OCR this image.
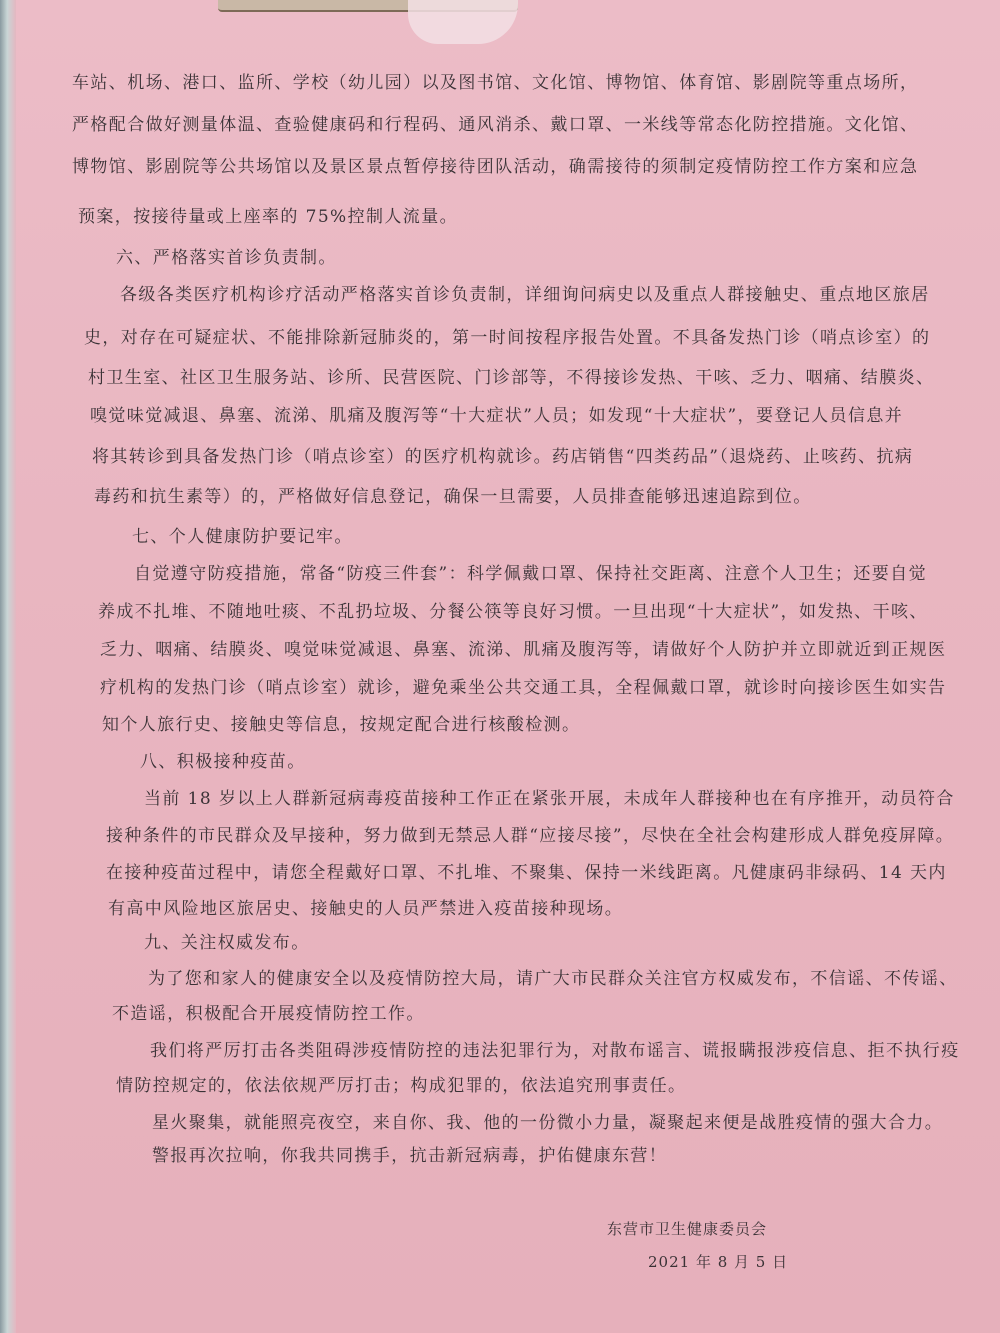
车站、机场、港口、监所、学校（幼儿园）以及图书馆、文化馆、博物馆、体育馆、影剧院等重点场所，
严格配合做好测量体温、查验健康码和行程码、通风消杀、戴口罩、一米线等常态化防控措施。文化馆、
博物馆、影剧院等公共场馆以及景区景点暂停接待团队活动，确需接待的须制定疫情防控工作方案和应急
预案，按接待量或上座率的 75%控制人流量。
六、严格落实首诊负责制。
各级各类医疗机构诊疗活动严格落实首诊负责制，详细询问病史以及重点人群接触史、重点地区旅居
史，对存在可疑症状、不能排除新冠肺炎的，第一时间按程序报告处置。不具备发热门诊（哨点诊室）的
村卫生室、社区卫生服务站、诊所、民营医院、门诊部等，不得接诊发热、干咳、乏力、咽痛、结膜炎、
嗅觉味觉减退、鼻塞、流涕、肌痛及腹泻等“十大症状”人员；如发现“十大症状”，要登记人员信息并
将其转诊到具备发热门诊（哨点诊室）的医疗机构就诊。药店销售“四类药品”（退烧药、止咳药、抗病
毒药和抗生素等）的，严格做好信息登记，确保一旦需要，人员排查能够迅速追踪到位。
七、个人健康防护要记牢。
自觉遵守防疫措施，常备“防疫三件套”：科学佩戴口罩、保持社交距离、注意个人卫生；还要自觉
养成不扎堆、不随地吐痰、不乱扔垃圾、分餐公筷等良好习惯。一旦出现“十大症状”，如发热、干咳、
乏力、咽痛、结膜炎、嗅觉味觉减退、鼻塞、流涕、肌痛及腹泻等，请做好个人防护并立即就近到正规医
疗机构的发热门诊（哨点诊室）就诊，避免乘坐公共交通工具，全程佩戴口罩，就诊时向接诊医生如实告
知个人旅行史、接触史等信息，按规定配合进行核酸检测。
八、积极接种疫苗。
当前 18 岁以上人群新冠病毒疫苗接种工作正在紧张开展，未成年人群接种也在有序推开，动员符合
接种条件的市民群众及早接种，努力做到无禁忌人群“应接尽接”，尽快在全社会构建形成人群免疫屏障。
在接种疫苗过程中，请您全程戴好口罩、不扎堆、不聚集、保持一米线距离。凡健康码非绿码、14 天内
有高中风险地区旅居史、接触史的人员严禁进入疫苗接种现场。
九、关注权威发布。
为了您和家人的健康安全以及疫情防控大局，请广大市民群众关注官方权威发布，不信谣、不传谣、
不造谣，积极配合开展疫情防控工作。
我们将严厉打击各类阻碍涉疫情防控的违法犯罪行为，对散布谣言、谎报瞒报涉疫信息、拒不执行疫
情防控规定的，依法依规严厉打击；构成犯罪的，依法追究刑事责任。
星火聚集，就能照亮夜空，来自你、我、他的一份微小力量，凝聚起来便是战胜疫情的强大合力。
警报再次拉响，你我共同携手，抗击新冠病毒，护佑健康东营！
东营市卫生健康委员会
2021 年 8 月 5 日
